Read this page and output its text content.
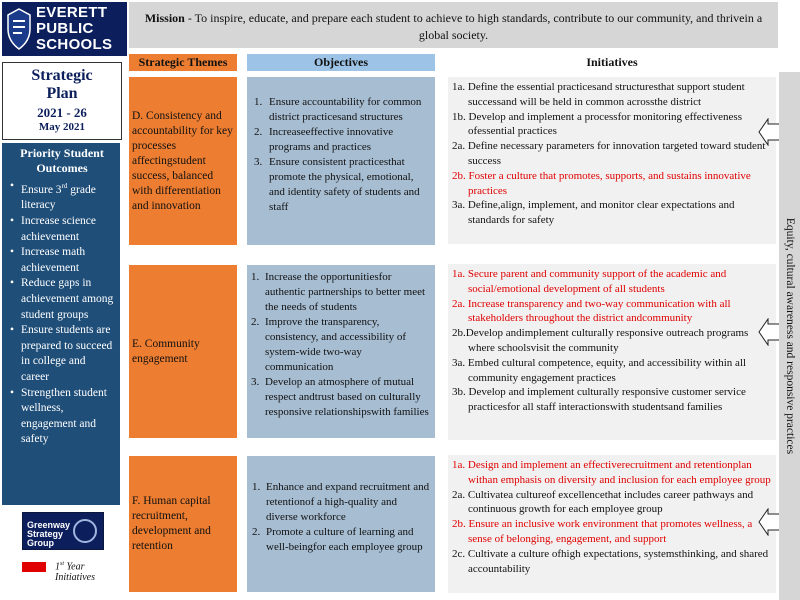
EVERETT
PUBLIC
SCHOOLS
Mission - To inspire, educate, and prepare each student to achieve to high standards, contribute to our community, and thrivein a global society.
Strategic
Plan
2021 - 26
May 2021
Priority Student Outcomes
• Ensure 3rd grade literacy
• Increase science achievement
• Increase math achievement
• Reduce gaps in achievement among student groups
• Ensure students are prepared to succeed in college and career
• Strengthen student wellness, engagement and safety
Greenway
Strategy
Group
1st Year
Initiatives
Strategic Themes	Objectives	Initiatives
D. Consistency and accountability for key processes affectingstudent success, balanced with differentiation and innovation
1. Ensure accountability for common district practicesand structures
2. Increaseeffective innovative programs and practices
3. Ensure consistent practicesthat promote the physical, emotional, and identity safety of students and staff

1a. Define the essential practicesand structuresthat support student successand will be held in common acrossthe district

1b. Develop and implement a processfor monitoring effectiveness ofessential practices

2a. Define necessary parameters for innovation targeted toward student success

2b. Foster a culture that promotes, supports, and sustains innovative practices

3a. Define,align, implement, and monitor clear expectations and standards for safety

E. Community engagement
1. Increase the opportunitiesfor authentic partnerships to better meet the needs of students
2. Improve the transparency, consistency, and accessibility of system-wide two-way communication
3. Develop an atmosphere of mutual respect andtrust based on culturally responsive relationshipswith families

1a. Secure parent and community support of the academic and social/emotional development of all students

2a. Increase transparency and two-way communication with all stakeholders throughout the district andcommunity

2b.Develop andimplement culturally responsive outreach programs where schoolsvisit the community

3a. Embed cultural competence, equity, and accessibility within all community engagement practices

3b. Develop and implement culturally responsive customer service practicesfor all staff interactionswith studentsand families

F. Human capital recruitment, development and retention
1. Enhance and expand recruitment and retentionof a high-quality and diverse workforce
2. Promote a culture of learning and well-beingfor each employee group

1a. Design and implement an effectiverecruitment and retentionplan withan emphasis on diversity and inclusion for each employee group

2a. Cultivatea cultureof excellencethat includes career pathways and continuous growth for each employee group

2b. Ensure an inclusive work environment that promotes wellness, a sense of belonging, engagement, and support

2c. Cultivate a culture ofhigh expectations, systemsthinking, and shared accountability

Equity, cultural awareness and responsive practices
